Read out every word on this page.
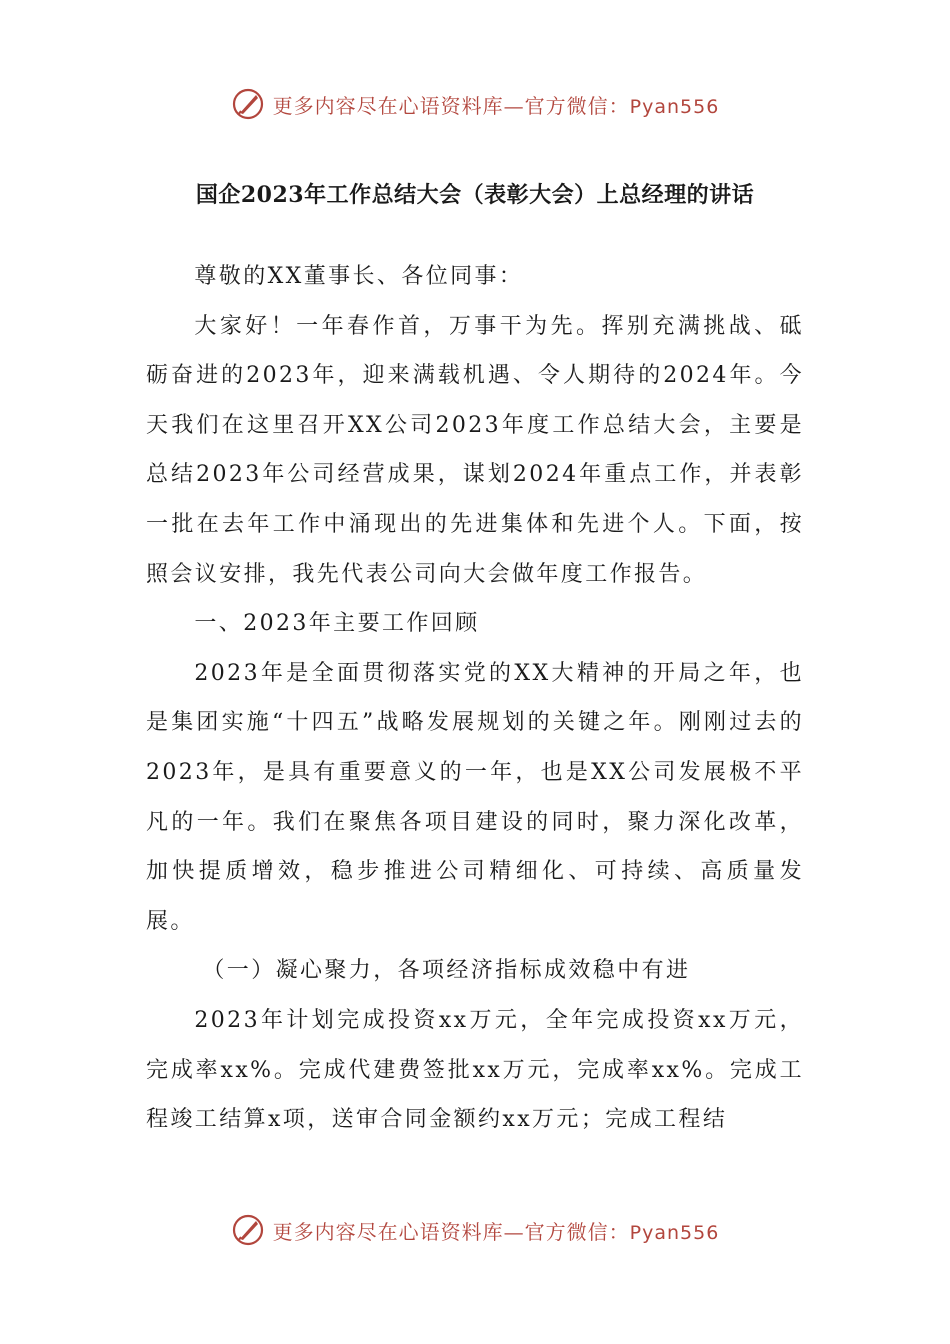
更多内容尽在心语资料库—官方微信：Pyan556
国企2023年工作总结大会（表彰大会）上总经理的讲话

尊敬的XX董事长、各位同事：

大家好！一年春作首，万事干为先。挥别充满挑战、砥砺奋进的2023年，迎来满载机遇、令人期待的2024年。今天我们在这里召开XX公司2023年度工作总结大会，主要是总结2023年公司经营成果，谋划2024年重点工作，并表彰一批在去年工作中涌现出的先进集体和先进个人。下面，按照会议安排，我先代表公司向大会做年度工作报告。

一、2023年主要工作回顾

2023年是全面贯彻落实党的XX大精神的开局之年，也是集团实施“十四五”战略发展规划的关键之年。刚刚过去的2023年，是具有重要意义的一年，也是XX公司发展极不平凡的一年。我们在聚焦各项目建设的同时，聚力深化改革，加快提质增效，稳步推进公司精细化、可持续、高质量发展。

（一）凝心聚力，各项经济指标成效稳中有进

2023年计划完成投资xx万元，全年完成投资xx万元，完成率xx%。完成代建费签批xx万元，完成率xx%。完成工程竣工结算x项，送审合同金额约xx万元；完成工程结

更多内容尽在心语资料库—官方微信：Pyan556
